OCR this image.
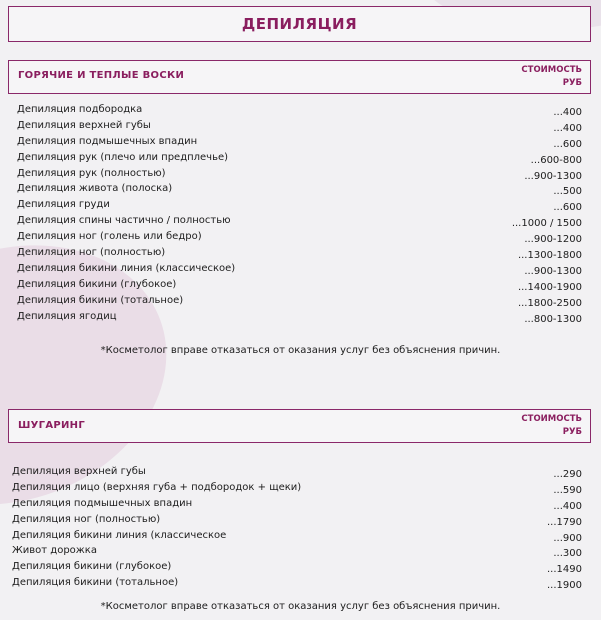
ДЕПИЛЯЦИЯ
ГОРЯЧИЕ И ТЕПЛЫЕ ВОСКИ	СТОИМОСТЬ
РУБ
Депиляция подбородка	...400
Депиляция верхней губы	...400
Депиляция подмышечных впадин	...600
Депиляция рук (плечо или предплечье)	...600-800
Депиляция рук (полностью)	...900-1300
Депиляция живота (полоска)	...500
Депиляция груди	...600
Депиляция спины частично / полностью	...1000 / 1500
Депиляция ног (голень или бедро)	...900-1200
Депиляция ног (полностью)	...1300-1800
Депиляция бикини линия (классическое)	...900-1300
Депиляция бикини (глубокое)	...1400-1900
Депиляция бикини (тотальное)	...1800-2500
Депиляция ягодиц	...800-1300
*Косметолог вправе отказаться от оказания услуг без объяснения причин.
ШУГАРИНГ
СТОИМОСТЬ
РУБ
Депиляция верхней губы	...290
Депиляция лицо (верхняя губа + подбородок + щеки)	...590
Депиляция подмышечных впадин	...400
Депиляция ног (полностью)	...1790
Депиляция бикини линия (классическое	...900
Живот дорожка	...300
Депиляция бикини (глубокое)	...1490
Депиляция бикини (тотальное)	...1900
*Косметолог вправе отказаться от оказания услуг без объяснения причин.
